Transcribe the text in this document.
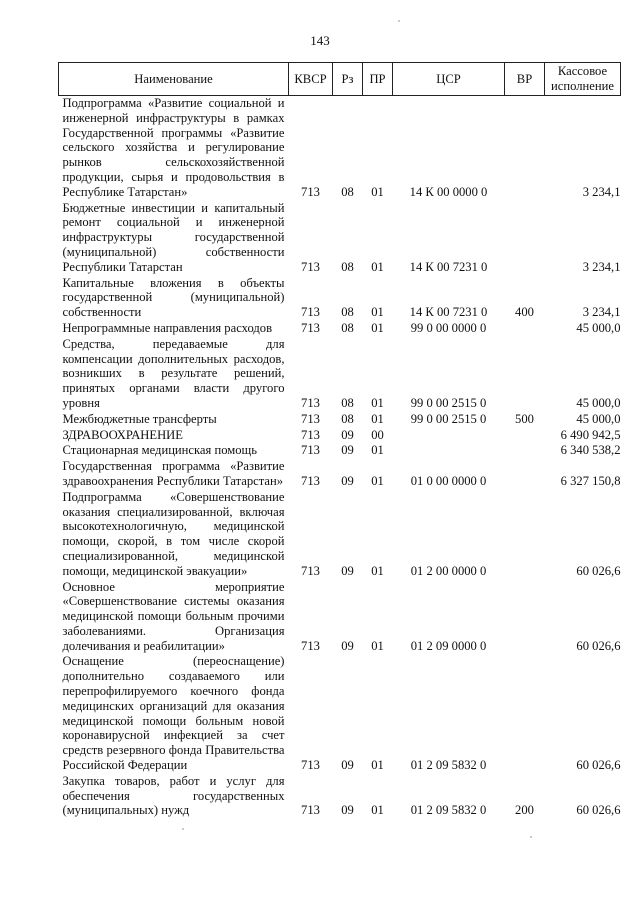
143
Наименование	КВСР	Рз	ПР	ЦСР	ВР	Кассовое исполнение
Подпрограмма «Развитие социальной и инженерной инфраструктуры в рамках Государственной программы «Развитие сельского хозяйства и регулирование рынков сельскохозяйственной продукции, сырья и продовольствия в Республике Татарстан»	713	08	01	14 К 00 0000 0		3 234,1
Бюджетные инвестиции и капитальный ремонт социальной и инженерной инфраструктуры государственной (муниципальной) собственности Республики Татарстан	713	08	01	14 К 00 7231 0		3 234,1
Капитальные вложения в объекты государственной (муниципальной) собственности	713	08	01	14 К 00 7231 0	400	3 234,1
Непрограммные направления расходов	713	08	01	99 0 00 0000 0		45 000,0
Средства, передаваемые для компенсации дополнительных расходов, возникших в результате решений, принятых органами власти другого уровня	713	08	01	99 0 00 2515 0		45 000,0
Межбюджетные трансферты	713	08	01	99 0 00 2515 0	500	45 000,0
ЗДРАВООХРАНЕНИЕ	713	09	00			6 490 942,5
Стационарная медицинская помощь	713	09	01			6 340 538,2
Государственная программа «Развитие здравоохранения Республики Татарстан»	713	09	01	01 0 00 0000 0		6 327 150,8
Подпрограмма «Совершенствование оказания специализированной, включая высокотехнологичную, медицинской помощи, скорой, в том числе скорой специализированной, медицинской помощи, медицинской эвакуации»	713	09	01	01 2 00 0000 0		60 026,6
Основное мероприятие «Совершенствование системы оказания медицинской помощи больным прочими заболеваниями. Организация долечивания и реабилитации»	713	09	01	01 2 09 0000 0		60 026,6
Оснащение (переоснащение) дополнительно создаваемого или перепрофилируемого коечного фонда медицинских организаций для оказания медицинской помощи больным новой коронавирусной инфекцией за счет средств резервного фонда Правительства Российской Федерации	713	09	01	01 2 09 5832 0		60 026,6
Закупка товаров, работ и услуг для обеспечения государственных (муниципальных) нужд	713	09	01	01 2 09 5832 0	200	60 026,6
